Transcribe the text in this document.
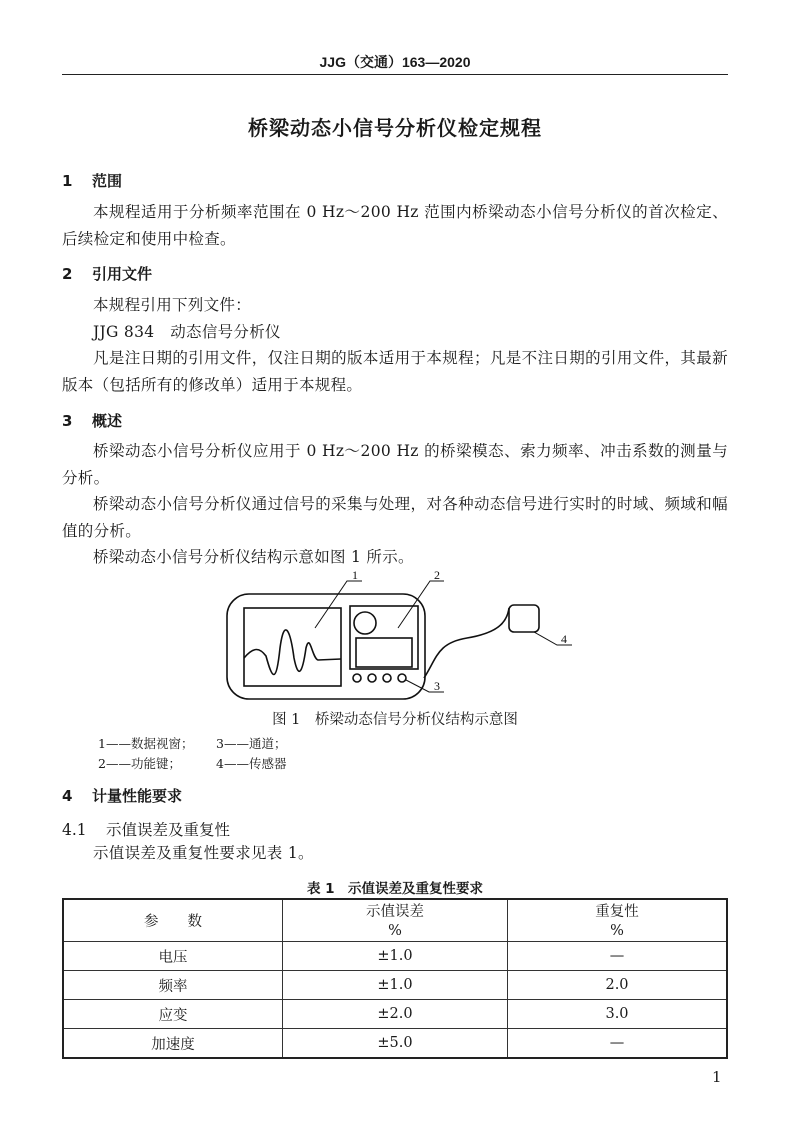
JJG（交通）163—2020
桥梁动态小信号分析仪检定规程
1 范围
本规程适用于分析频率范围在 0 Hz～200 Hz 范围内桥梁动态小信号分析仪的首次检定、后续检定和使用中检查。
2 引用文件
本规程引用下列文件：
JJG 834　动态信号分析仪
凡是注日期的引用文件，仅注日期的版本适用于本规程；凡是不注日期的引用文件，其最新版本（包括所有的修改单）适用于本规程。
3 概述
桥梁动态小信号分析仪应用于 0 Hz～200 Hz 的桥梁模态、索力频率、冲击系数的测量与分析。
桥梁动态小信号分析仪通过信号的采集与处理，对各种动态信号进行实时的时域、频域和幅值的分析。
桥梁动态小信号分析仪结构示意如图 1 所示。
1	2
3
4
图 1　桥梁动态信号分析仪结构示意图
1——数据视窗； 3——通道；
2——功能键；	4——传感器
4 计量性能要求
4.1 示值误差及重复性
示值误差及重复性要求见表 1。
表 1　示值误差及重复性要求
参　　数	示值误差	重复性
	%	%
电压	±1.0	—
频率	±1.0	2.0
应变	±2.0	3.0
加速度	±5.0	—
1
